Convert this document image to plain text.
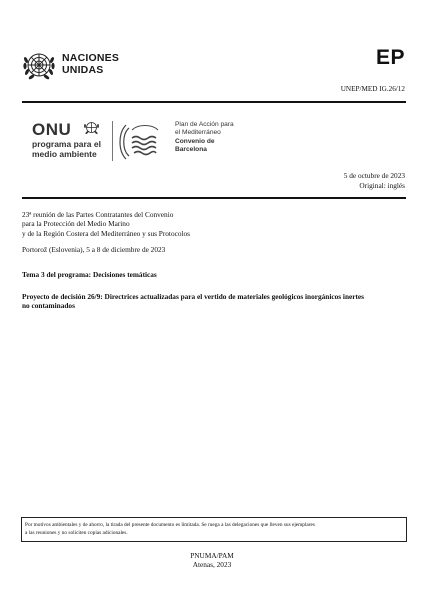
NACIONES
UNIDAS
EP
UNEP/MED IG.26/12
ONU
programa para el
medio ambiente
Plan de Acción para
el Mediterráneo
Convenio de
Barcelona
5 de octubre de 2023
Original: inglés
23ª reunión de las Partes Contratantes del Convenio
para la Protección del Medio Marino
y de la Región Costera del Mediterráneo y sus Protocolos
Portorož (Eslovenia), 5 a 8 de diciembre de 2023
Tema 3 del programa: Decisiones temáticas
Proyecto de decisión 26/9: Directrices actualizadas para el vertido de materiales geológicos inorgánicos inertes
no contaminados
Por motivos ambientales y de ahorro, la tirada del presente documento es limitada. Se ruega a las delegaciones que lleven sus ejemplares
a las reuniones y no soliciten copias adicionales.
PNUMA/PAM
Atenas, 2023
